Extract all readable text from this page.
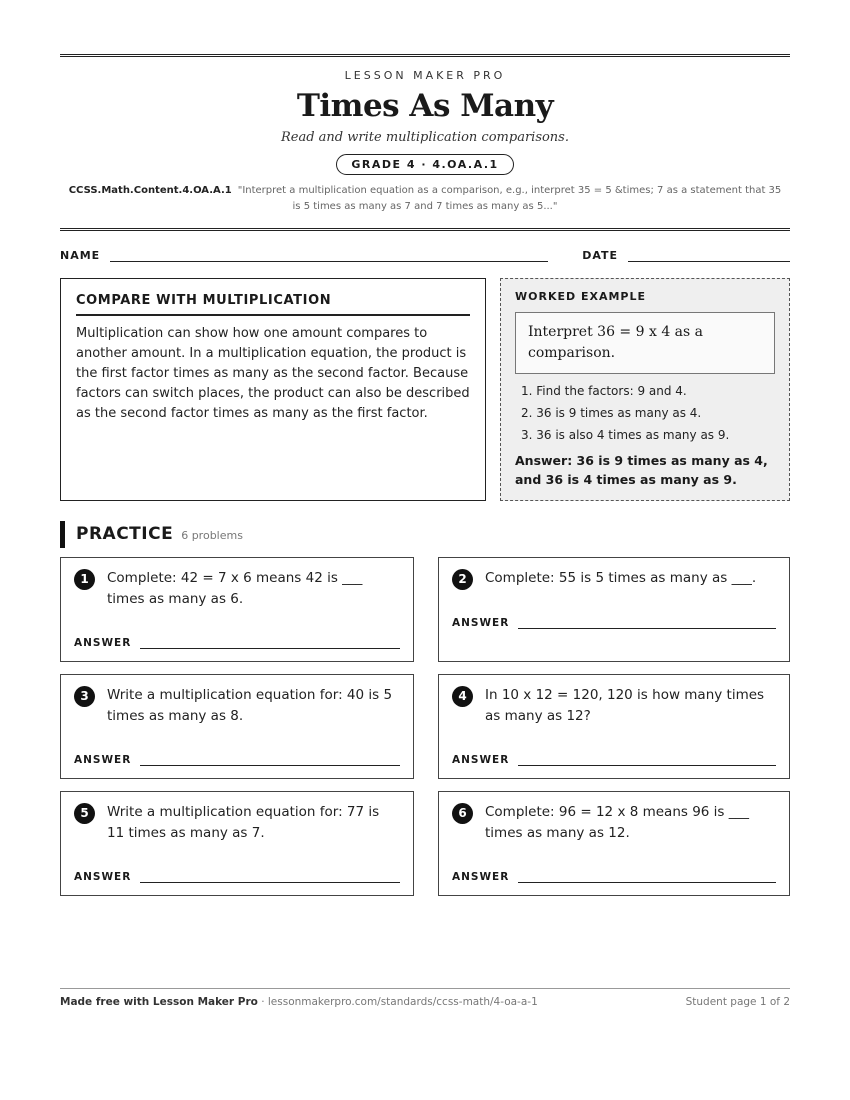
LESSON MAKER PRO
Times As Many
Read and write multiplication comparisons.
GRADE 4 · 4.OA.A.1
CCSS.Math.Content.4.OA.A.1 "Interpret a multiplication equation as a comparison, e.g., interpret 35 = 5 &times; 7 as a statement that 35 is 5 times as many as 7 and 7 times as many as 5..."
NAME	DATE
COMPARE WITH MULTIPLICATION
Multiplication can show how one amount compares to another amount. In a multiplication equation, the product is the first factor times as many as the second factor. Because factors can switch places, the product can also be described as the second factor times as many as the first factor.
WORKED EXAMPLE
Interpret 36 = 9 x 4 as a comparison.
1. Find the factors: 9 and 4.
2. 36 is 9 times as many as 4.
3. 36 is also 4 times as many as 9.
Answer: 36 is 9 times as many as 4, and 36 is 4 times as many as 9.
PRACTICE 6 problems
1	Complete: 42 = 7 x 6 means 42 is ___ times as many as 6.
ANSWER
2	Complete: 55 is 5 times as many as ___.
ANSWER
3	Write a multiplication equation for: 40 is 5 times as many as 8.
ANSWER
4	In 10 x 12 = 120, 120 is how many times as many as 12?
ANSWER
5	Write a multiplication equation for: 77 is 11 times as many as 7.
ANSWER
6	Complete: 96 = 12 x 8 means 96 is ___ times as many as 12.
ANSWER
Made free with Lesson Maker Pro · lessonmakerpro.com/standards/ccss-math/4-oa-a-1	Student page 1 of 2
